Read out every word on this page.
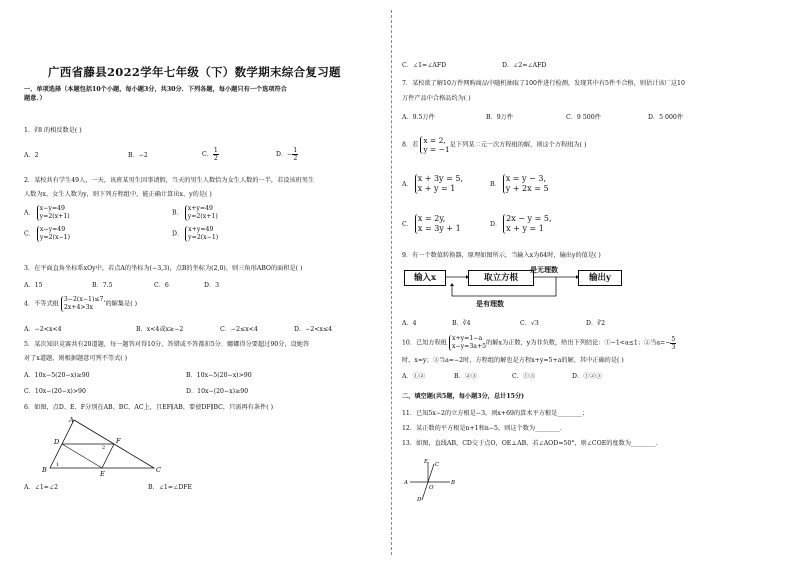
广西省藤县2022学年七年级（下）数学期末综合复习题
一、单项选择（本题包括10个小题，每小题3分，共30分．下列各题，每小题只有一个选项符合
题意．）
1．∛8 的相反数是( )
A．2	B．−2	C． $\frac{1}{2}$	D．− $\frac{1}{2}$
2．某校共有学生49人，一天，该班某男生因事请假，当天的男生人数恰为女生人数的一半，若设该班男生
人数为x，女生人数为y，则下列方程组中，能正确计算出x、y的是( )
A．
x−y=49
y=2(x+1)	B．
x+y=49
y=2(x+1)
C．
x−y=49
y=2(x−1)	D．
x+y=49
y=2(x−1)
3．在平面直角坐标系xOy中，若点A的坐标为(−3,3)，点B的坐标为(2,0)，则三角形ABO的面积是( )
A．15	B．7.5	C．6	D．3
4．不等式组
3−2(x−1)≤7,
2x+4>3x	的解集是( )
A．−2<x<4	B．x<4或x≥−2	C．−2≤x<4	D．−2<x≤4
5．某次知识竞赛共有20道题，每一题答对得10分，答错或不答都扣5分．娜娜得分要超过90分，设她答
对了x道题，则根据题意可列不等式( )
A．10x−5(20−x)≥90	B．10x−5(20−x)>90
C．10x−(20−x)>90	D．10x−(20−x)≥90
6．如图，点D、E、F分别在AB、BC、AC上，且EF∥AB，要使DF∥BC，只需再有条件( )
A
B	C
D
E
F
1
2
A．∠1=∠2	B．∠1=∠DFE
C．∠1=∠AFD	D．∠2=∠AFD
7．某校欲了解10万件网购商品中随机抽取了100件进行检测，发现其中有5件不合格，则估计该厂这10
万件产品中合格品约为( )
A．9.5万件	B．9万件	C．9 500件	D．5 000件
8．若 x = 2,
y = −1 是下列某二元一次方程组的解，则这个方程组为( )
A．
x + 3y = 5,
x + y = 1	B．
x = y − 3,
y + 2x = 5
C．
x = 2y,
x = 3y + 1	D．
2x − y = 5,
x + y = 1
9．有一个数值转换器，原理如图所示，当输入x为64时，输出y的值是( )
输入x	取立方根	输出y
是无理数
是有理数
A．4	B．∛4	C．√3	D．∛2
10．已知方程组
x+y=1−a
x−y=3a+5 的解x为正数，y为非负数，给出下列结论：①−1<a≤1；②当$a=- \frac{5}{3}$
时，x=y；③当a=−2时，方程组的解也是方程x+y=5+a的解，其中正确的是( )
A．①②	B．②③	C．①③	D．①②③
二、填空题(共5题，每小题3分，总计15分)
11．已知5x−2的立方根是−3，则x+69的算术平方根是________；
12．某正数的平方根是n+1和n−5，则这个数为________．
13．如图，直线AB，CD交于点O，OE⊥AB，若∠AOD=50°，则∠COE的度数为________．
A	B
C
D
E
O
